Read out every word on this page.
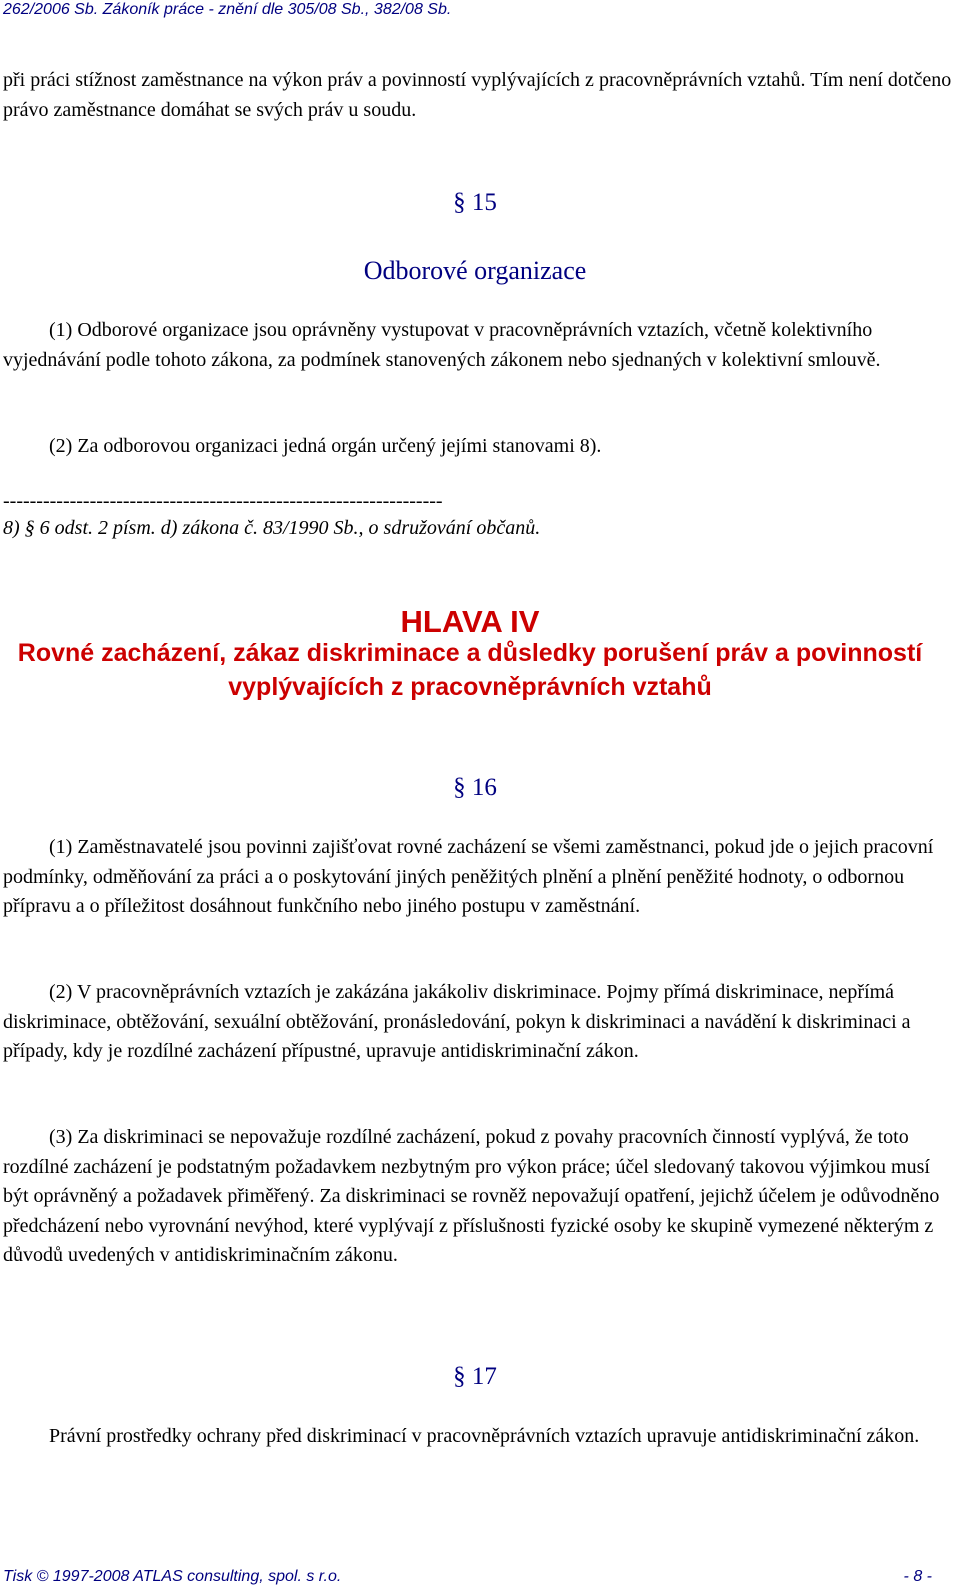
262/2006 Sb. Zákoník práce - znění dle 305/08 Sb., 382/08 Sb.

při práci stížnost zaměstnance na výkon práv a povinností vyplývajících z pracovněprávních vztahů. Tím není dotčeno právo zaměstnance domáhat se svých práv u soudu.

§ 15

Odborové organizace

(1) Odborové organizace jsou oprávněny vystupovat v pracovněprávních vztazích, včetně kolektivního vyjednávání podle tohoto zákona, za podmínek stanovených zákonem nebo sjednaných v kolektivní smlouvě.

(2) Za odborovou organizaci jedná orgán určený jejími stanovami 8).

------------------------------------------------------------------

8) § 6 odst. 2 písm. d) zákona č. 83/1990 Sb., o sdružování občanů.

HLAVA IV

Rovné zacházení, zákaz diskriminace a důsledky porušení práv a povinností vyplývajících z pracovněprávních vztahů

§ 16

(1) Zaměstnavatelé jsou povinni zajišťovat rovné zacházení se všemi zaměstnanci, pokud jde o jejich pracovní podmínky, odměňování za práci a o poskytování jiných peněžitých plnění a plnění peněžité hodnoty, o odbornou přípravu a o příležitost dosáhnout funkčního nebo jiného postupu v zaměstnání.

(2) V pracovněprávních vztazích je zakázána jakákoliv diskriminace. Pojmy přímá diskriminace, nepřímá diskriminace, obtěžování, sexuální obtěžování, pronásledování, pokyn k diskriminaci a navádění k diskriminaci a případy, kdy je rozdílné zacházení přípustné, upravuje antidiskriminační zákon.

(3) Za diskriminaci se nepovažuje rozdílné zacházení, pokud z povahy pracovních činností vyplývá, že toto rozdílné zacházení je podstatným požadavkem nezbytným pro výkon práce; účel sledovaný takovou výjimkou musí být oprávněný a požadavek přiměřený. Za diskriminaci se rovněž nepovažují opatření, jejichž účelem je odůvodněno předcházení nebo vyrovnání nevýhod, které vyplývají z příslušnosti fyzické osoby ke skupině vymezené některým z důvodů uvedených v antidiskriminačním zákonu.

§ 17

Právní prostředky ochrany před diskriminací v pracovněprávních vztazích upravuje antidiskriminační zákon.

Tisk © 1997-2008 ATLAS consulting, spol. s r.o.	- 8 -
